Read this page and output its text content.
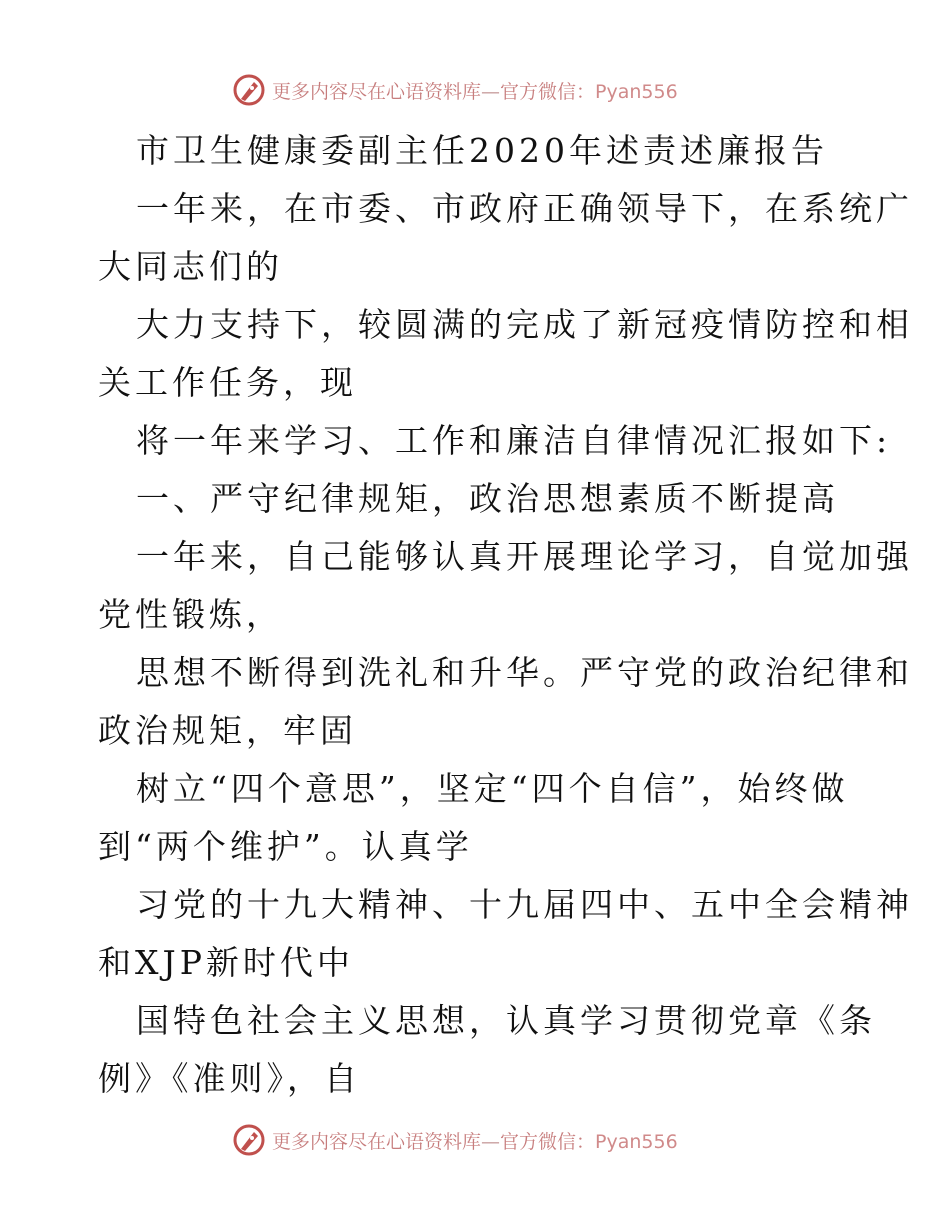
更多内容尽在心语资料库—官方微信：Pyan556
市卫生健康委副主任2020年述责述廉报告
一年来，在市委、市政府正确领导下，在系统广
大同志们的
大力支持下，较圆满的完成了新冠疫情防控和相
关工作任务，现
将一年来学习、工作和廉洁自律情况汇报如下:
一、严守纪律规矩，政治思想素质不断提高
一年来，自己能够认真开展理论学习，自觉加强
党性锻炼，
思想不断得到洗礼和升华。严守党的政治纪律和
政治规矩，牢固
树立“四个意思”，坚定“四个自信”，始终做
到“两个维护”。认真学
习党的十九大精神、十九届四中、五中全会精神
和XJP新时代中
国特色社会主义思想，认真学习贯彻党章《条
例》《准则》，自
更多内容尽在心语资料库—官方微信：Pyan556
